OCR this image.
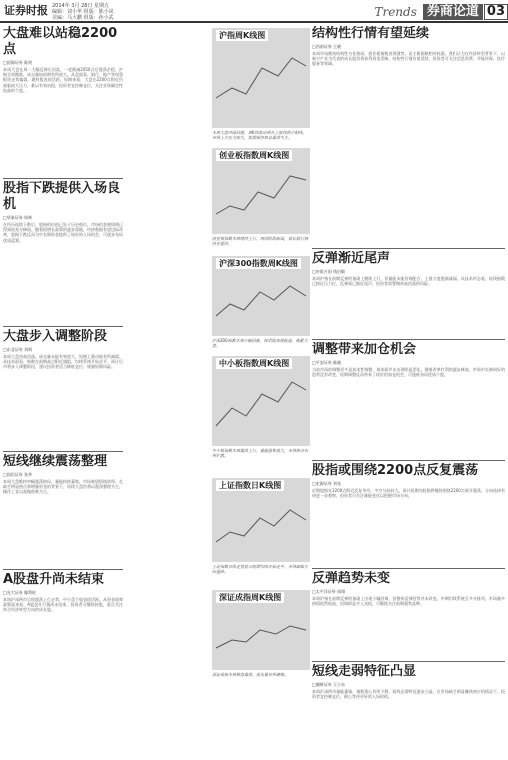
证券时报 2014年 3月 28日 星期五
编辑：刘小华 组版：陈小凤
美编：马大鹏 组版：孙小武	Trends 券商论道 03
大盘难以站稳2200点
□国海证券 陈剑
本周大盘在周一大幅反弹后回落，一度跌破2050点后震荡企稳，沪指全周微涨，成交量较前期有所放大。从盘面看，银行、地产等权重板块走势偏弱，题材股表现活跃。短期来看，大盘在2200点附近仍面临较大压力，难以有效站稳，投资者宜控制仓位，关注业绩确定性较高的个股。
股指下跌提供入场良机
□华泰证券 周林
在经历连续下跌后，股指的估值已处于历史低位，市场的悲观情绪已得到较充分释放。随着稳增长政策的逐步落地，经济数据有望边际改善，股指下跌反而为中长期资金提供了较好的入场机会，可逐步布局优质蓝筹。
大盘步入调整阶段
□东北证券 刘明
本周大盘冲高回落，成交量未能有效放大，短期上涨动能有所减弱。从技术面看，指数在前期高点附近遇阻，均线系统开始走平，预计后市将步入调整阶段，建议投资者适当降低仓位，规避短期风险。
短线继续震荡整理
□国信证券 张华
本周大盘维持窄幅震荡格局，量能持续萎缩，市场观望情绪浓厚。在缺乏明显热点和增量资金的背景下，短线大盘仍将以震荡整理为主，操作上宜以高抛低吸为主。
A股盘升尚未结束
□光大证券 滕利柱
本周沪深两市呈现震荡上行走势，中小盘个股表现活跃。从资金面和政策面来看，A股盘升行情尚未结束，投资者可继续持股，重点关注符合经济转型方向的成长股。
沪指周K线图
本周大盘冲高回落，周K线收出带长上影线的小阳线，市场上方压力较大，短期或仍将以震荡为主。
创业板指数周K线图
创业板指数本周继续上行，再创阶段新高，成长股行情仍在延续。
沪深300指数周K线图
沪深300指数本周小幅回落，权重股表现低迷，拖累大盘。
中小板指数周K线图
中小板指数本周震荡上行，量能温和放大，市场热点有所扩散。
上证指数日K线图
上证指数日线走势显示短期均线开始走平，市场面临方向选择。
深证成指周K线图
深证成指本周横盘震荡，成交量有所萎缩。
结构性行情有望延续
□西南证券 王晓
本周市场维持结构性分化格局，创业板指数表现强势，而主板指数相对较弱。我们认为在经济转型背景下，以新兴产业为代表的成长股仍将获得资金青睐，结构性行情有望延续，投资者可关注信息消费、节能环保、医疗服务等领域。
反弹渐近尾声
□申银万国 钱启敏
本周沪指在前期反弹的基础上继续上行，但量能未能有效配合，上涨力度逐渐减弱。从技术形态看，短线指数已接近压力位，反弹或已渐近尾声，投资者需警惕冲高回落的风险。
调整带来加仓机会
□平安证券 陈晓
当前市场的调整更多是技术性调整，基本面并未出现明显恶化。随着改革红利的逐步释放，市场中长期向好的趋势没有改变，短期调整反而带来了较好的加仓机会，可逢低布局优质个股。
股指或围绕2200点反复震荡
□宏源证券 刘亮
近期股指在2200点附近反复争夺，多空分歧较大。预计短期内股指将继续围绕2200点展开震荡，方向选择有待进一步观察，投资者可关注量能变化以把握市场方向。
反弹趋势未变
□太平洋证券 周翔
本周沪指在前期反弹的基础上出现小幅回调，但整体反弹趋势并未改变。中期均线系统呈多头排列，市场做多热情依然较高，回调即是介入良机，可继续关注前期强势品种。
短线走弱特征凸显
□湘财证券 王小东
本周沪深两市量能萎缩，指数重心有所下移，短线走弱特征逐步凸显。在市场缺乏明显赚钱效应的情况下，投资者宜控制仓位，耐心等待更好的入场时机。
